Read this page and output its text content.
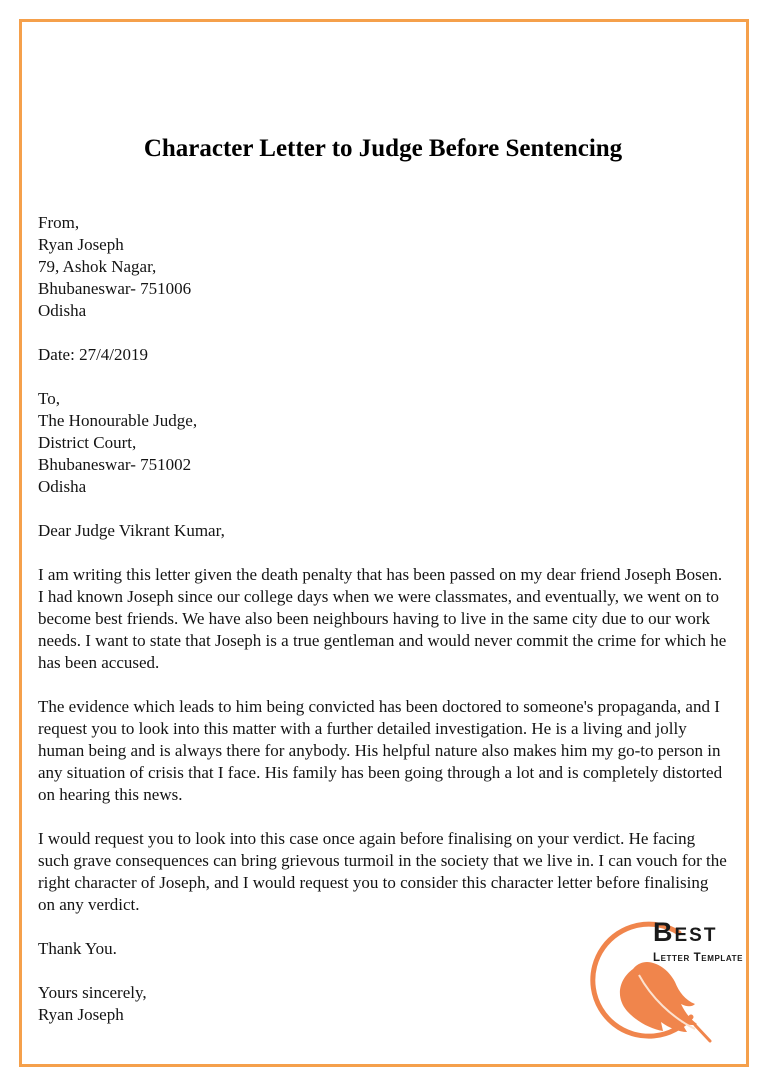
Character Letter to Judge Before Sentencing
From,
Ryan Joseph
79, Ashok Nagar,
Bhubaneswar- 751006
Odisha
Date: 27/4/2019
To,
The Honourable Judge,
District Court,
Bhubaneswar- 751002
Odisha
Dear Judge Vikrant Kumar,

I am writing this letter given the death penalty that has been passed on my dear friend Joseph Bosen. I had known Joseph since our college days when we were classmates, and eventually, we went on to become best friends. We have also been neighbours having to live in the same city due to our work needs. I want to state that Joseph is a true gentleman and would never commit the crime for which he has been accused.

The evidence which leads to him being convicted has been doctored to someone's propaganda, and I request you to look into this matter with a further detailed investigation. He is a living and jolly human being and is always there for anybody. His helpful nature also makes him my go-to person in any situation of crisis that I face. His family has been going through a lot and is completely distorted on hearing this news.

I would request you to look into this case once again before finalising on your verdict. He facing such grave consequences can bring grievous turmoil in the society that we live in. I can vouch for the right character of Joseph, and I would request you to consider this character letter before finalising on any verdict.

Thank You.

Yours sincerely,
Ryan Joseph
Best
Letter Template
